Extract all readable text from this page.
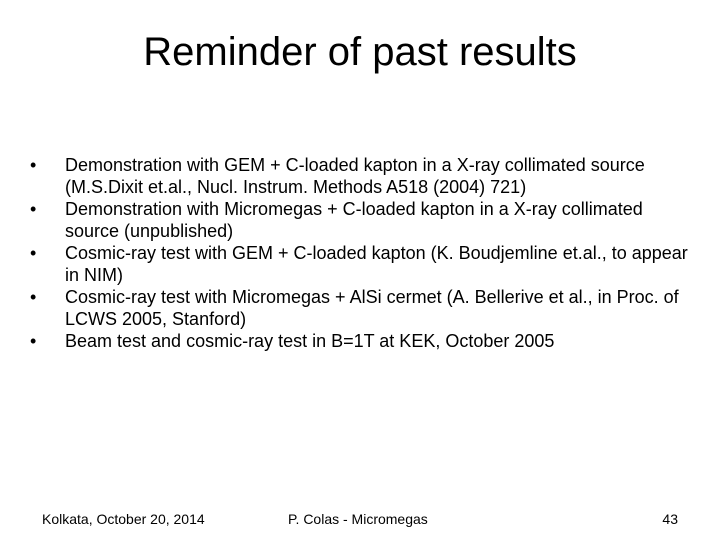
Reminder of past results
•	Demonstration with GEM + C-loaded kapton in a X-ray collimated source (M.S.Dixit et.al., Nucl. Instrum. Methods A518 (2004) 721)
•	Demonstration with Micromegas + C-loaded kapton in a X-ray collimated source (unpublished)
•	Cosmic-ray test with GEM + C-loaded kapton (K. Boudjemline et.al., to appear in NIM)
•	Cosmic-ray test with Micromegas + AlSi cermet (A. Bellerive et al., in Proc. of LCWS 2005, Stanford)
•	Beam test and cosmic-ray test in B=1T at KEK, October 2005
Kolkata, October 20, 2014	P. Colas - Micromegas	43
